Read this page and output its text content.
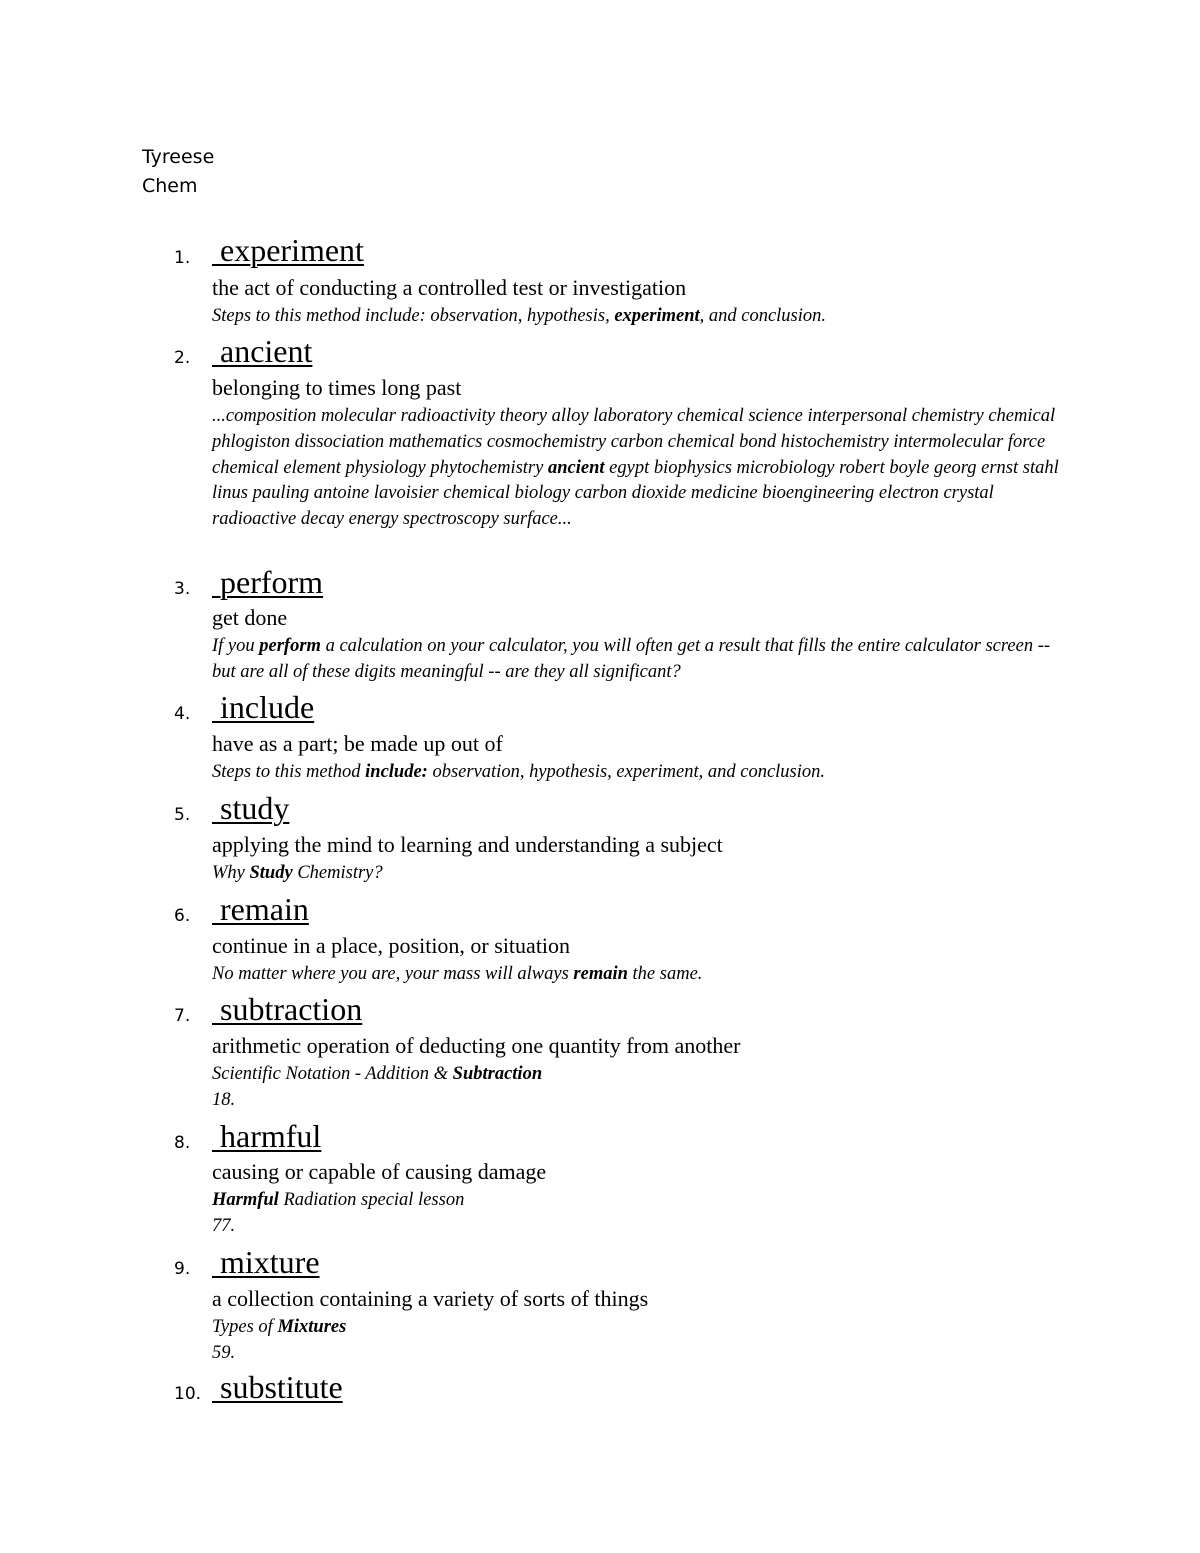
Tyreese
Chem
1. experiment
the act of conducting a controlled test or investigation
Steps to this method include: observation, hypothesis, experiment, and conclusion.
2. ancient
belonging to times long past
...composition molecular radioactivity theory alloy laboratory chemical science interpersonal chemistry chemical phlogiston dissociation mathematics cosmochemistry carbon chemical bond histochemistry intermolecular force chemical element physiology phytochemistry ancient egypt biophysics microbiology robert boyle georg ernst stahl linus pauling antoine lavoisier chemical biology carbon dioxide medicine bioengineering electron crystal radioactive decay energy spectroscopy surface...
3. perform
get done
If you perform a calculation on your calculator, you will often get a result that fills the entire calculator screen -- but are all of these digits meaningful -- are they all significant?
4. include
have as a part; be made up out of
Steps to this method include: observation, hypothesis, experiment, and conclusion.
5. study
applying the mind to learning and understanding a subject
Why Study Chemistry?
6. remain
continue in a place, position, or situation
No matter where you are, your mass will always remain the same.
7. subtraction
arithmetic operation of deducting one quantity from another
Scientific Notation - Addition & Subtraction
18.
8. harmful
causing or capable of causing damage
Harmful Radiation special lesson
77.
9. mixture
a collection containing a variety of sorts of things
Types of Mixtures
59.
10. substitute
